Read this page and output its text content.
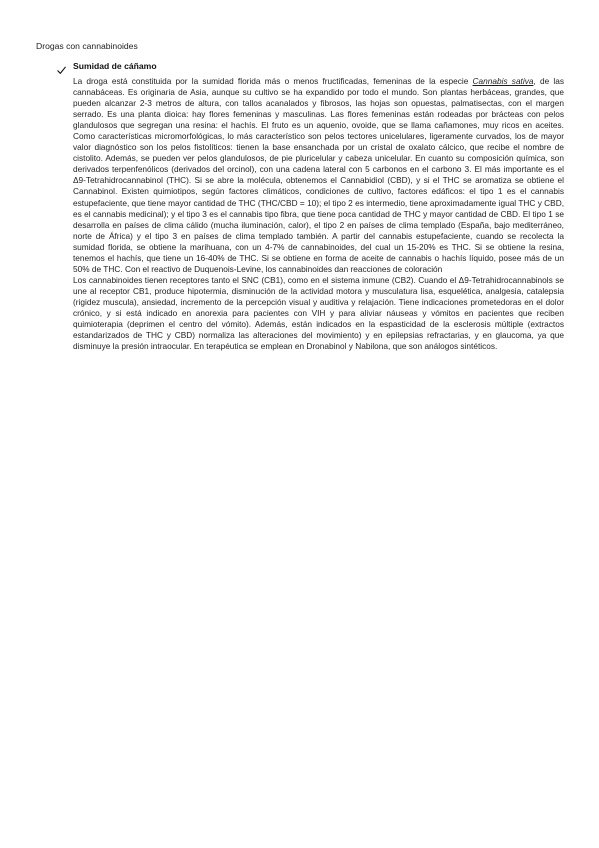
Drogas con cannabinoides
Sumidad de cáñamo

La droga está constituida por la sumidad florida más o menos fructificadas, femeninas de la especie Cannabis sativa, de las cannabáceas. Es originaria de Asia, aunque su cultivo se ha expandido por todo el mundo. Son plantas herbáceas, grandes, que pueden alcanzar 2-3 metros de altura, con tallos acanalados y fibrosos, las hojas son opuestas, palmatisectas, con el margen serrado. Es una planta dioica: hay flores femeninas y masculinas. Las flores femeninas están rodeadas por brácteas con pelos glandulosos que segregan una resina: el hachís. El fruto es un aquenio, ovoide, que se llama cañamones, muy ricos en aceites. Como características micromorfológicas, lo más característico son pelos tectores unicelulares, ligeramente curvados, los de mayor valor diagnóstico son los pelos fistolíticos: tienen la base ensanchada por un cristal de oxalato cálcico, que recibe el nombre de cistolito. Además, se pueden ver pelos glandulosos, de pie pluricelular y cabeza unicelular. En cuanto su composición química, son derivados terpenfenólicos (derivados del orcinol), con una cadena lateral con 5 carbonos en el carbono 3. El más importante es el Δ9-Tetrahidrocannabinol (THC). Si se abre la molécula, obtenemos el Cannabidiol (CBD), y si el THC se aromatiza se obtiene el Cannabinol. Existen quimiotipos, según factores climáticos, condiciones de cultivo, factores edáficos: el tipo 1 es el cannabis estupefaciente, que tiene mayor cantidad de THC (THC/CBD = 10); el tipo 2 es intermedio, tiene aproximadamente igual THC y CBD, es el cannabis medicinal); y el tipo 3 es el cannabis tipo fibra, que tiene poca cantidad de THC y mayor cantidad de CBD. El tipo 1 se desarrolla en países de clima cálido (mucha iluminación, calor), el tipo 2 en países de clima templado (España, bajo mediterráneo, norte de África) y el tipo 3 en países de clima templado también. A partir del cannabis estupefaciente, cuando se recolecta la sumidad florida, se obtiene la marihuana, con un 4-7% de cannabinoides, del cual un 15-20% es THC. Si se obtiene la resina, tenemos el hachís, que tiene un 16-40% de THC. Si se obtiene en forma de aceite de cannabis o hachís líquido, posee más de un 50% de THC. Con el reactivo de Duquenois-Levine, los cannabinoides dan reacciones de coloración

Los cannabinoides tienen receptores tanto el SNC (CB1), como en el sistema inmune (CB2). Cuando el Δ9-Tetrahidrocannabinols se une al receptor CB1, produce hipotermia, disminución de la actividad motora y musculatura lisa, esquelética, analgesia, catalepsia (rigidez muscula), ansiedad, incremento de la percepción visual y auditiva y relajación. Tiene indicaciones prometedoras en el dolor crónico, y si está indicado en anorexia para pacientes con VIH y para aliviar náuseas y vómitos en pacientes que reciben quimioterapia (deprimen el centro del vómito). Además, están indicados en la espasticidad de la esclerosis múltiple (extractos estandarizados de THC y CBD) normaliza las alteraciones del movimiento) y en epilepsias refractarias, y en glaucoma, ya que disminuye la presión intraocular. En terapéutica se emplean en Dronabinol y Nabilona, que son análogos sintéticos.
